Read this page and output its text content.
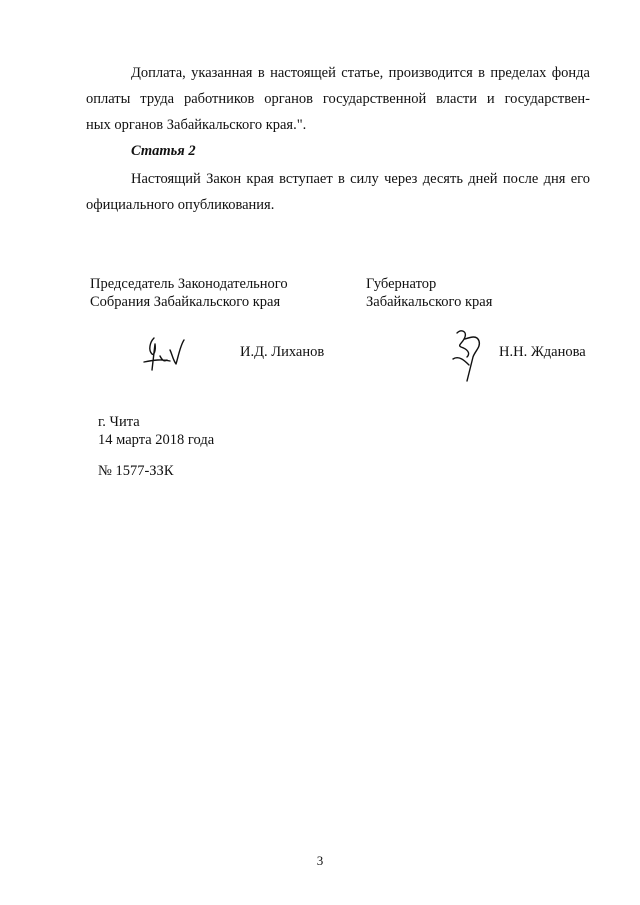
Доплата, указанная в настоящей статье, производится в пределах фонда
оплаты труда работников органов государственной власти и государствен-
ных органов Забайкальского края.".

Статья 2

Настоящий Закон края вступает в силу через десять дней после дня его
официального опубликования.

Председатель Законодательного
Собрания Забайкальского края
Губернатор
Забайкальского края

И.Д. Лиханов	Н.Н. Жданова

г. Чита
14 марта 2018 года

№ 1577-ЗЗК

3
